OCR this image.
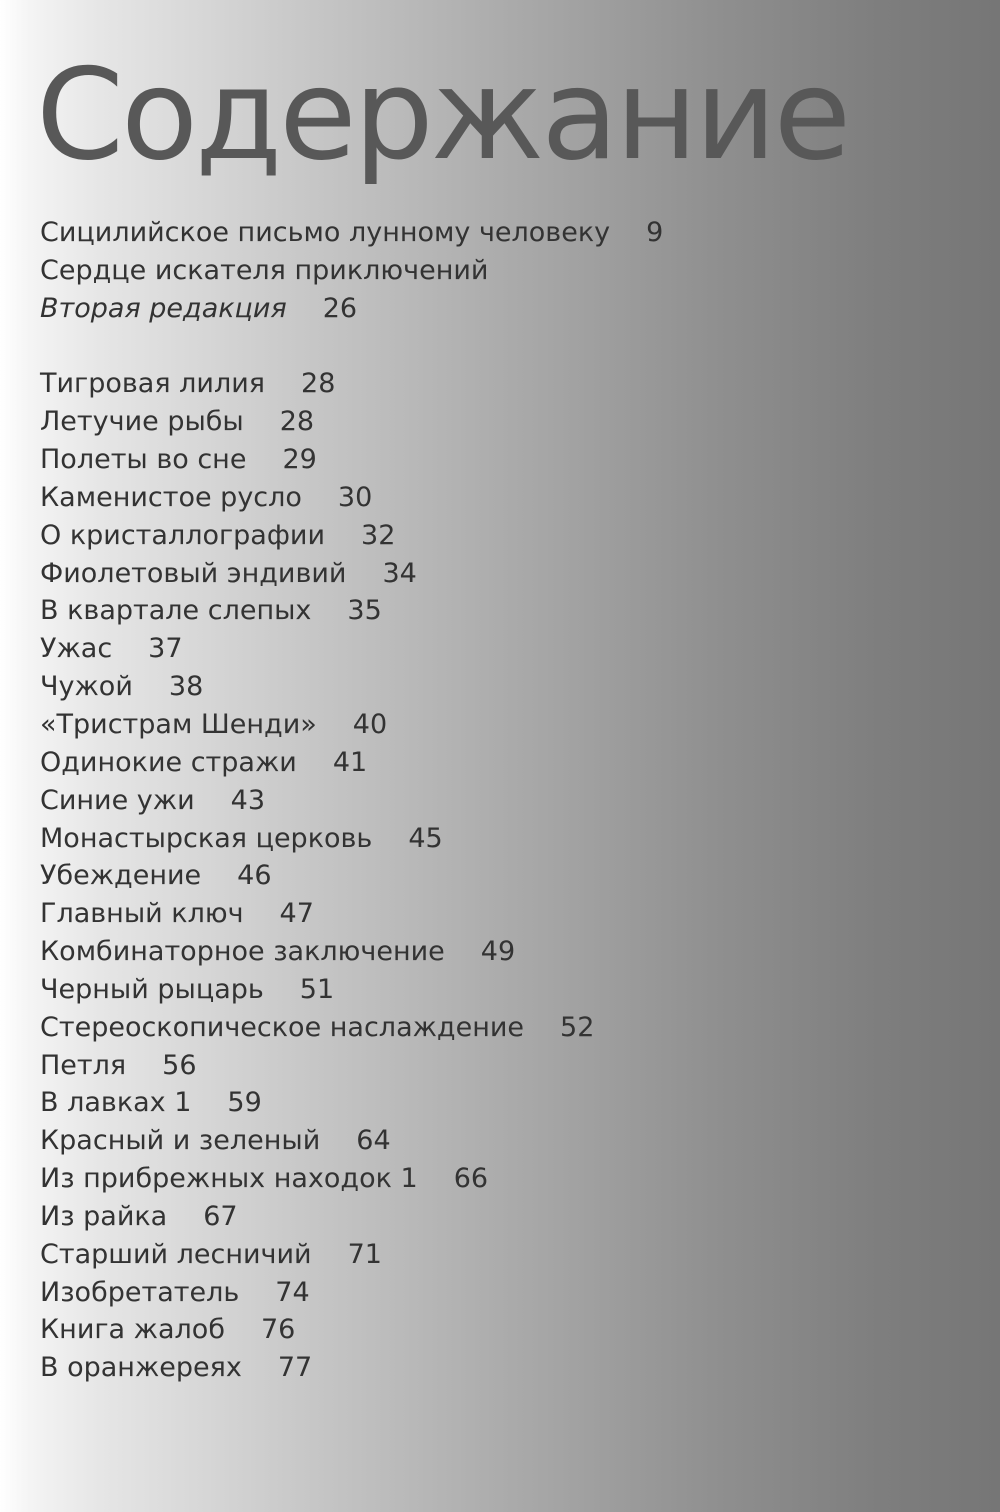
Содержание
Сицилийское письмо лунному человеку 9
Сердце искателя приключений
Вторая редакция 26
Тигровая лилия 28
Летучие рыбы 28
Полеты во сне 29
Каменистое русло 30
О кристаллографии 32
Фиолетовый эндивий 34
В квартале слепых 35
Ужас 37
Чужой 38
«Тристрам Шенди» 40
Одинокие стражи 41
Синие ужи 43
Монастырская церковь 45
Убеждение 46
Главный ключ 47
Комбинаторное заключение 49
Черный рыцарь 51
Стереоскопическое наслаждение 52
Петля 56
В лавках 1 59
Красный и зеленый 64
Из прибрежных находок 1 66
Из райка 67
Старший лесничий 71
Изобретатель 74
Книга жалоб 76
В оранжереях 77
